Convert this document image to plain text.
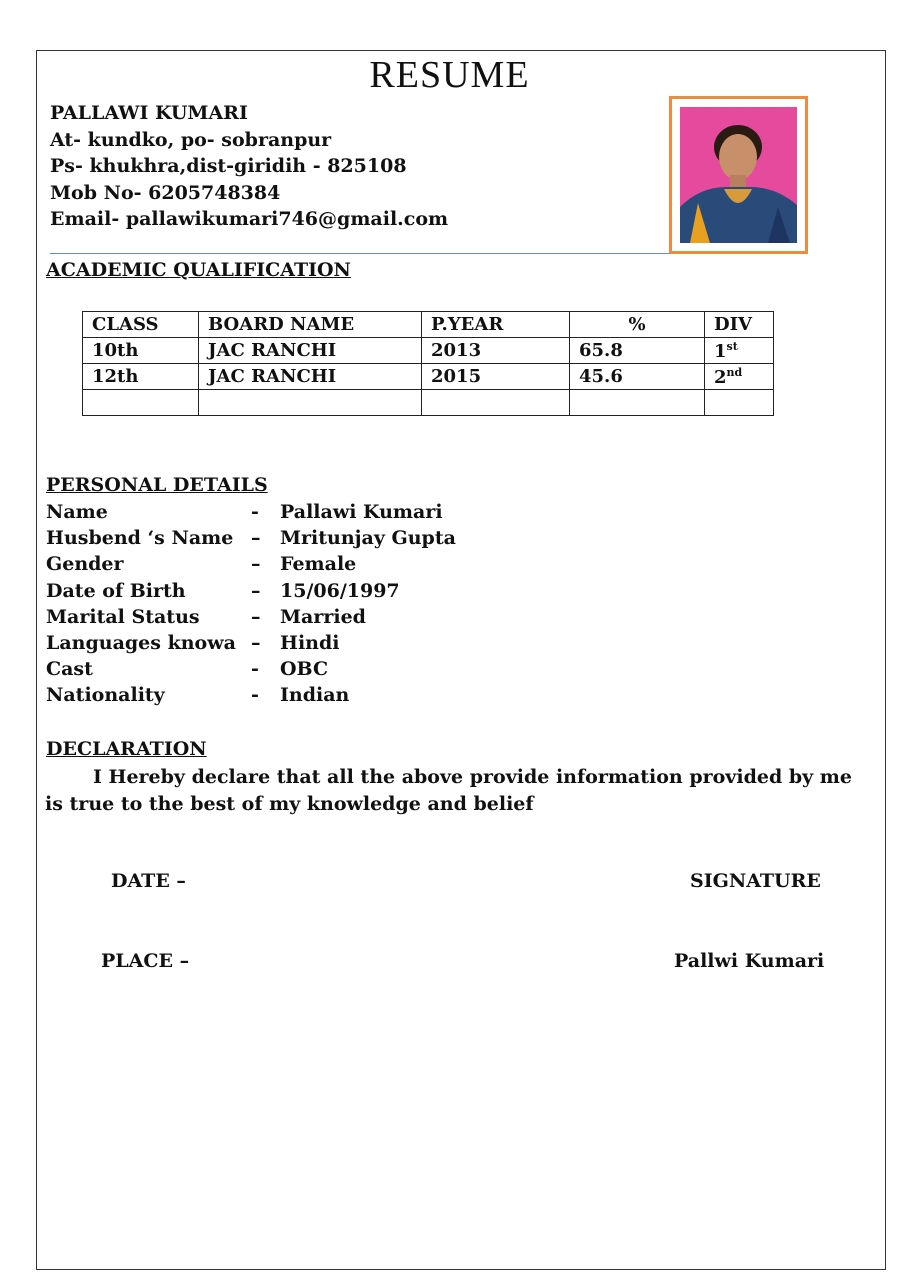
RESUME
PALLAWI KUMARI
At- kundko, po- sobranpur
Ps- khukhra,dist-giridih - 825108
Mob No- 6205748384
Email- pallawikumari746@gmail.com
ACADEMIC QUALIFICATION
CLASS	BOARD NAME	P.YEAR	%	DIV
10th	JAC RANCHI	2013	65.8	1st
12th	JAC RANCHI	2015	45.6	2nd

PERSONAL DETAILS
Name	- Pallawi Kumari
Husbend ‘s Name – Mritunjay Gupta
Gender	– Female
Date of Birth	– 15/06/1997
Marital Status	– Married
Languages knowa – Hindi
Cast	- OBC
Nationality	- Indian
DECLARATION
I Hereby declare that all the above provide information provided by me is true to the best of my knowledge and belief
DATE –
PLACE –
SIGNATURE
Pallwi Kumari
